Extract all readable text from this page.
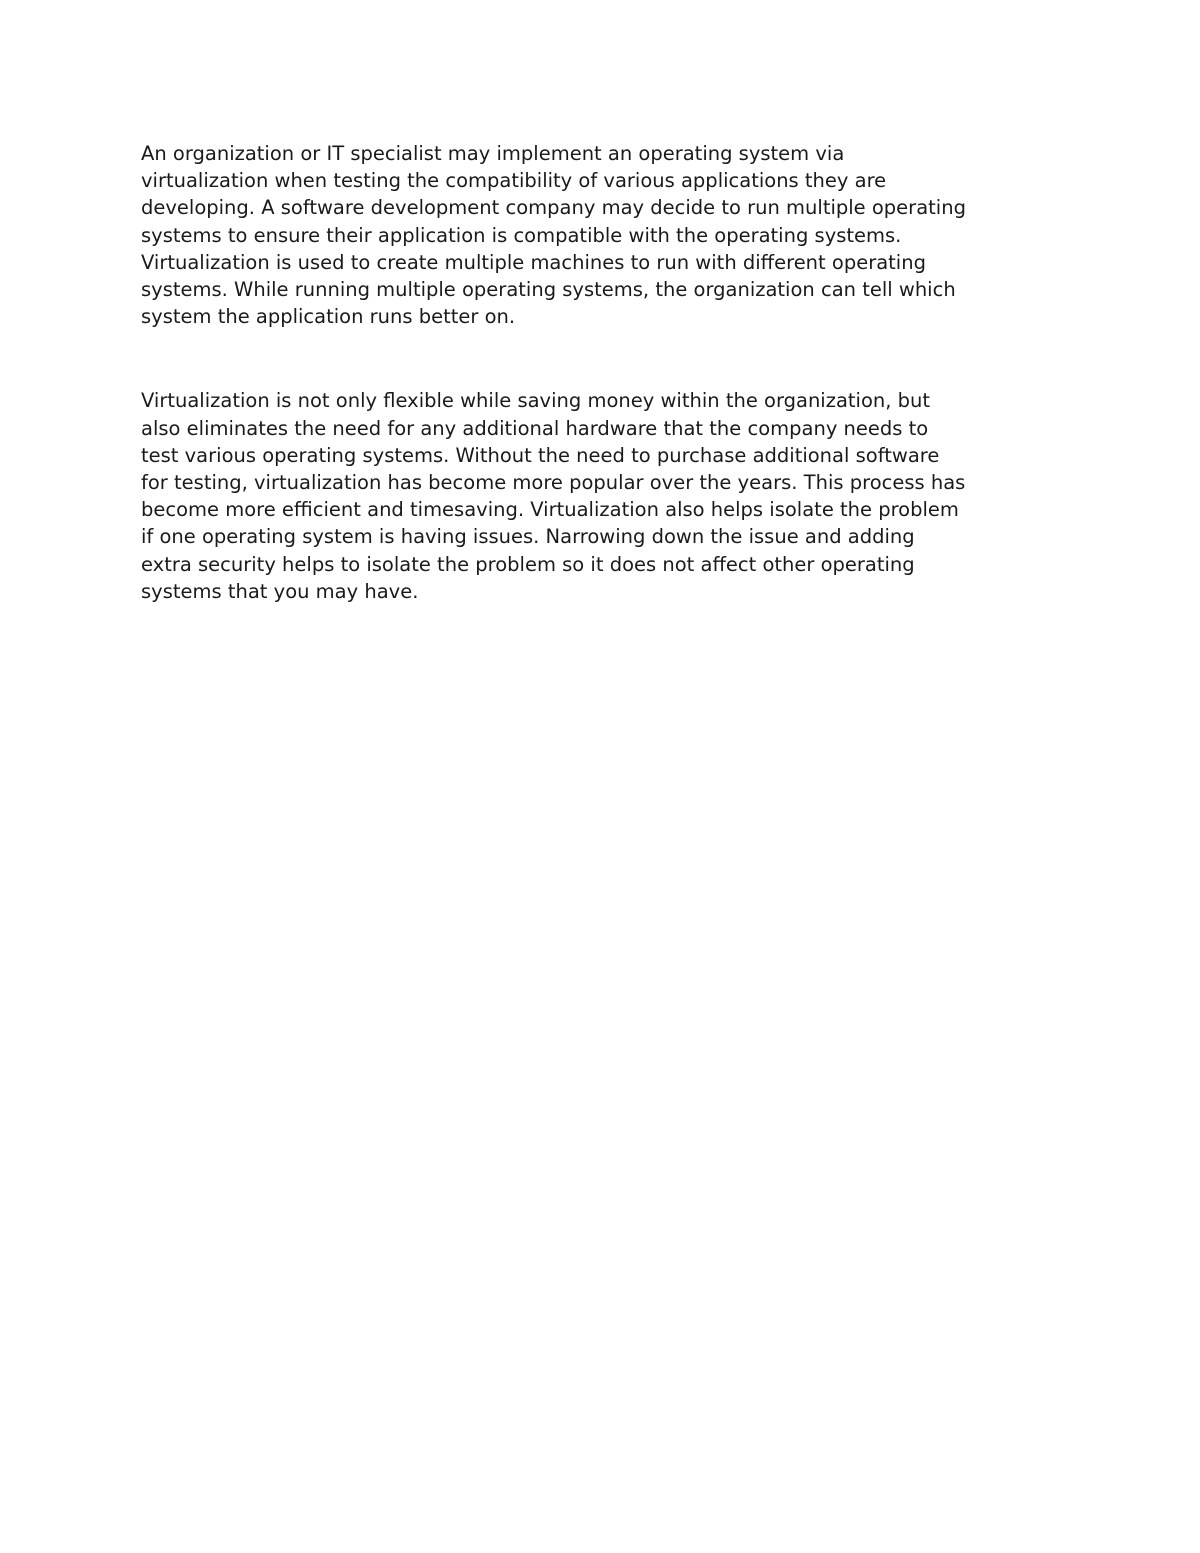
An organization or IT specialist may implement an operating system via
virtualization when testing the compatibility of various applications they are
developing. A software development company may decide to run multiple operating
systems to ensure their application is compatible with the operating systems.
Virtualization is used to create multiple machines to run with different operating
systems. While running multiple operating systems, the organization can tell which
system the application runs better on.

Virtualization is not only flexible while saving money within the organization, but
also eliminates the need for any additional hardware that the company needs to
test various operating systems. Without the need to purchase additional software
for testing, virtualization has become more popular over the years. This process has
become more efficient and timesaving. Virtualization also helps isolate the problem
if one operating system is having issues. Narrowing down the issue and adding
extra security helps to isolate the problem so it does not affect other operating
systems that you may have.
